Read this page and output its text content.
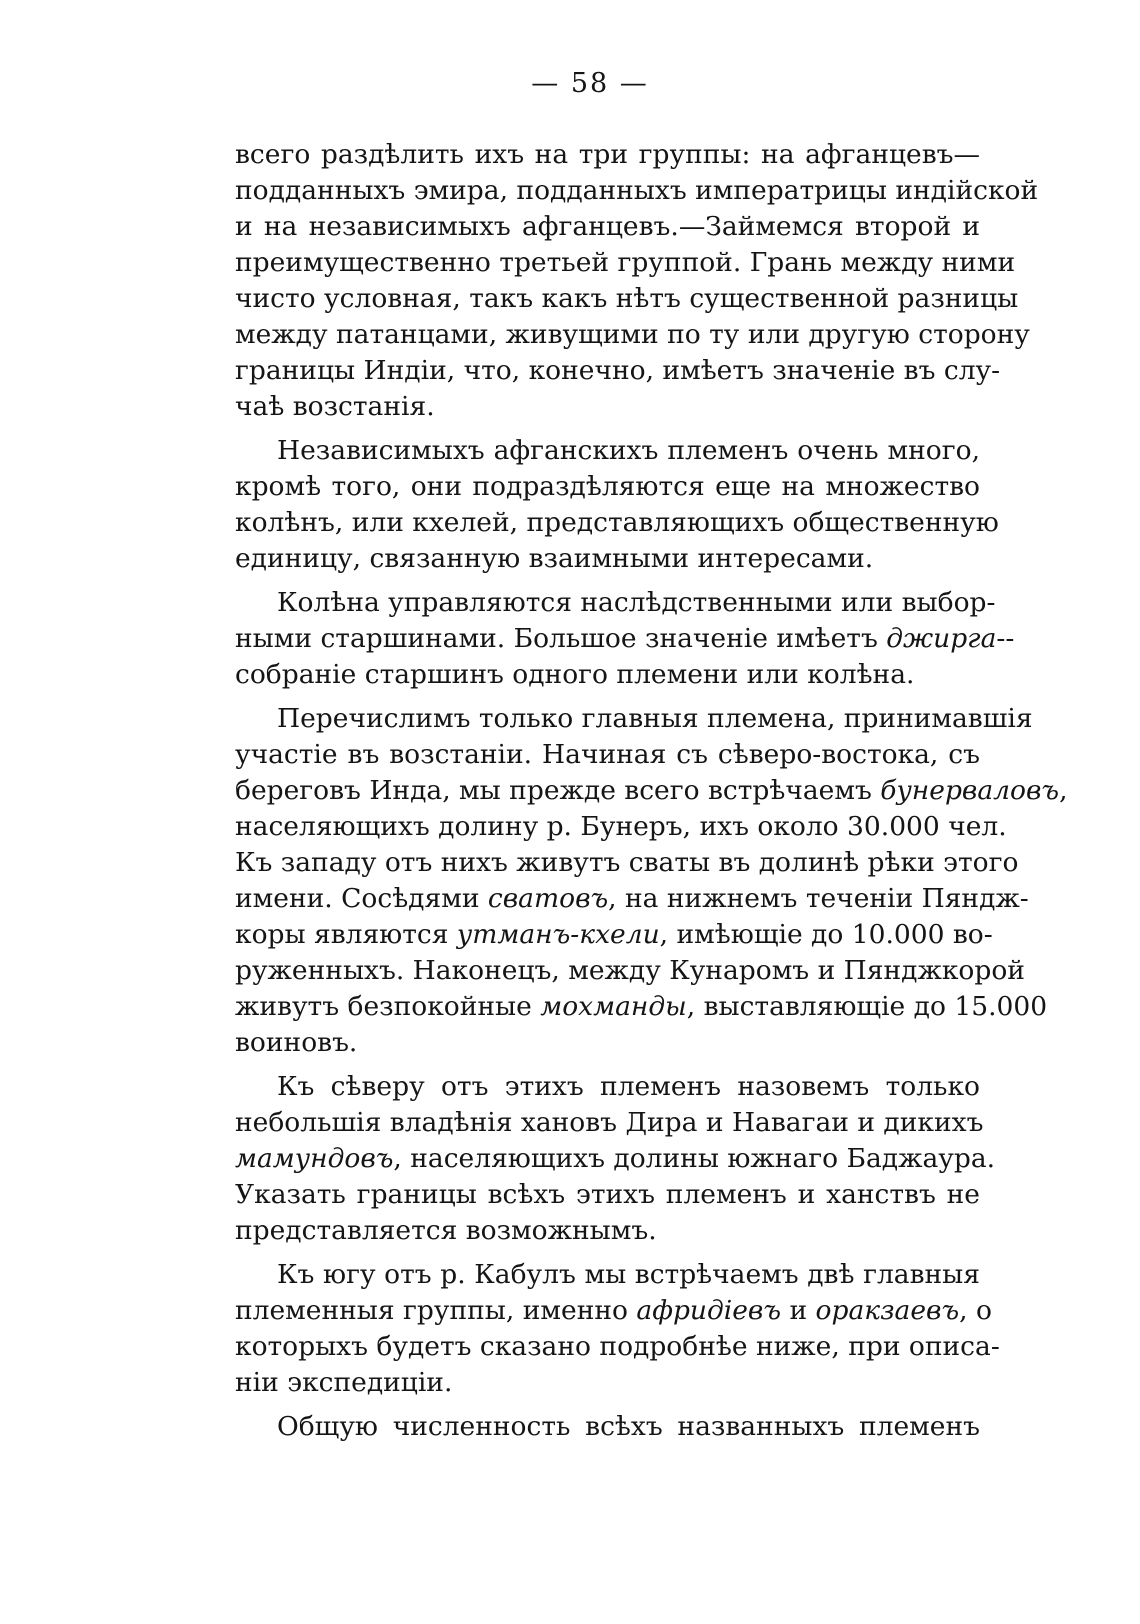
— 58 —
всего раздѣлить ихъ на три группы: на афганцевъ—
подданныхъ эмира, подданныхъ императрицы индійской
и на независимыхъ афганцевъ.—Займемся второй и
преимущественно третьей группой. Грань между ними
чисто условная, такъ какъ нѣтъ существенной разницы
между патанцами, живущими по ту или другую сторону
границы Индіи, что, конечно, имѣетъ значеніе въ слу-
чаѣ возстанія.
Независимыхъ афганскихъ племенъ очень много,
кромѣ того, они подраздѣляются еще на множество
колѣнъ, или кхелей, представляющихъ общественную
единицу, связанную взаимными интересами.
Колѣна управляются наслѣдственными или выбор-
ными старшинами. Большое значеніе имѣетъ джирга--
собраніе старшинъ одного племени или колѣна.
Перечислимъ только главныя племена, принимавшія
участіе въ возстаніи. Начиная съ сѣверо-востока, съ
береговъ Инда, мы прежде всего встрѣчаемъ бунерваловъ,
населяющихъ долину р. Бунеръ, ихъ около 30.000 чел.
Къ западу отъ нихъ живутъ сваты въ долинѣ рѣки этого
имени. Сосѣдями сватовъ, на нижнемъ теченіи Пяндж-
коры являются утманъ-кхели, имѣющіе до 10.000 во-
руженныхъ. Наконецъ, между Кунаромъ и Пянджкорой
живутъ безпокойные мохманды, выставляющіе до 15.000
воиновъ.
Къ сѣверу отъ этихъ племенъ назовемъ только
небольшія владѣнія хановъ Дира и Навагаи и дикихъ
мамундовъ, населяющихъ долины южнаго Баджаура.
Указать границы всѣхъ этихъ племенъ и ханствъ не
представляется возможнымъ.
Къ югу отъ р. Кабулъ мы встрѣчаемъ двѣ главныя
племенныя группы, именно афридіевъ и оракзаевъ, о
которыхъ будетъ сказано подробнѣе ниже, при описа-
ніи экспедиціи.
Общую численность всѣхъ названныхъ племенъ
